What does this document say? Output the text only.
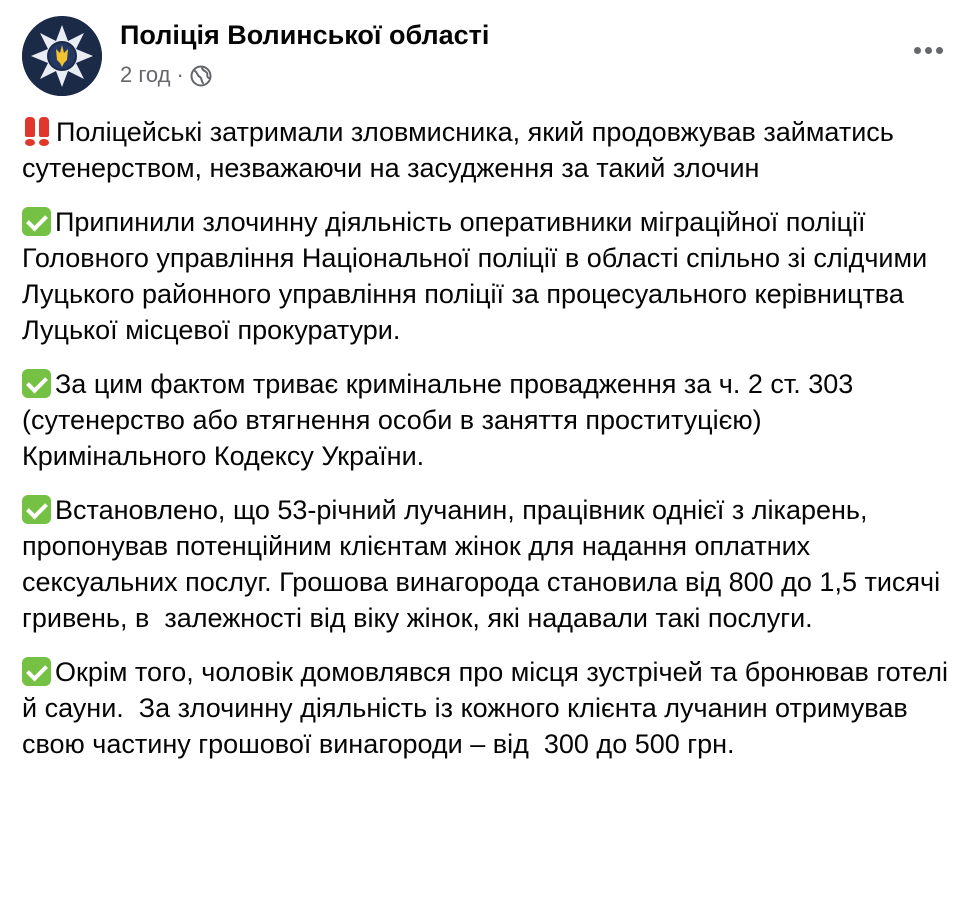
Поліція Волинської області
2 год ·

Поліцейські затримали зловмисника, який продовжував займатись сутенерством, незважаючи на засудження за такий злочин

Припинили злочинну діяльність оперативники міграційної поліції Головного управління Національної поліції в області спільно зі слідчими Луцького районного управління поліції за процесуального керівництва Луцької місцевої прокуратури.

За цим фактом триває кримінальне провадження за ч. 2 ст. 303 (сутенерство або втягнення особи в заняття проституцією) Кримінального Кодексу України.

Встановлено, що 53-річний лучанин, працівник однієї з лікарень, пропонував потенційним клієнтам жінок для надання оплатних сексуальних послуг. Грошова винагорода становила від 800 до 1,5 тисячі гривень, в  залежності від віку жінок, які надавали такі послуги.

Окрім того, чоловік домовлявся про місця зустрічей та бронював готелі й сауни.  За злочинну діяльність із кожного клієнта лучанин отримував свою частину грошової винагороди – від  300 до 500 грн.
